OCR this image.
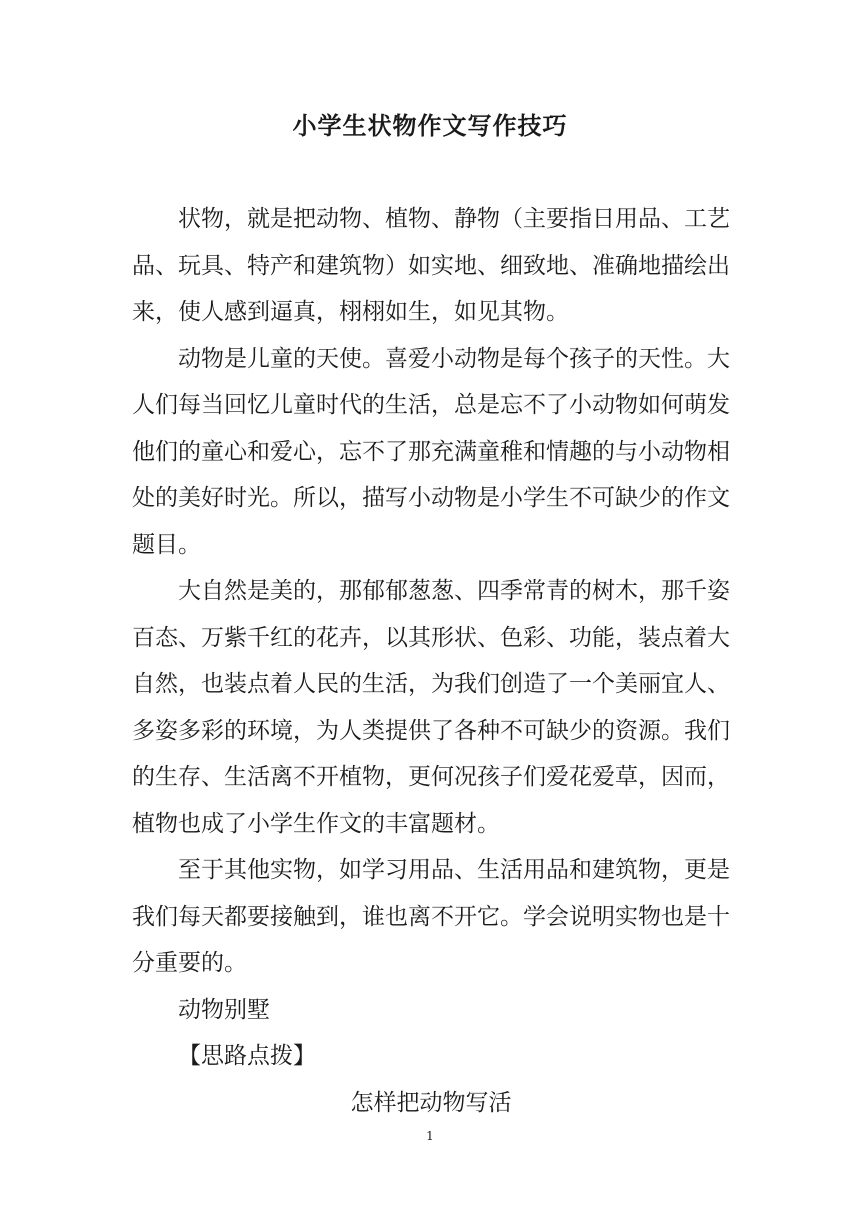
小学生状物作文写作技巧

状物，就是把动物、植物、静物（主要指日用品、工艺品、玩具、特产和建筑物）如实地、细致地、准确地描绘出来，使人感到逼真，栩栩如生，如见其物。

动物是儿童的天使。喜爱小动物是每个孩子的天性。大人们每当回忆儿童时代的生活，总是忘不了小动物如何萌发他们的童心和爱心，忘不了那充满童稚和情趣的与小动物相处的美好时光。所以，描写小动物是小学生不可缺少的作文题目。

大自然是美的，那郁郁葱葱、四季常青的树木，那千姿百态、万紫千红的花卉，以其形状、色彩、功能，装点着大自然，也装点着人民的生活，为我们创造了一个美丽宜人、多姿多彩的环境，为人类提供了各种不可缺少的资源。我们的生存、生活离不开植物，更何况孩子们爱花爱草，因而，植物也成了小学生作文的丰富题材。

至于其他实物，如学习用品、生活用品和建筑物，更是我们每天都要接触到，谁也离不开它。学会说明实物也是十分重要的。

动物别墅

【思路点拨】

怎样把动物写活

1
